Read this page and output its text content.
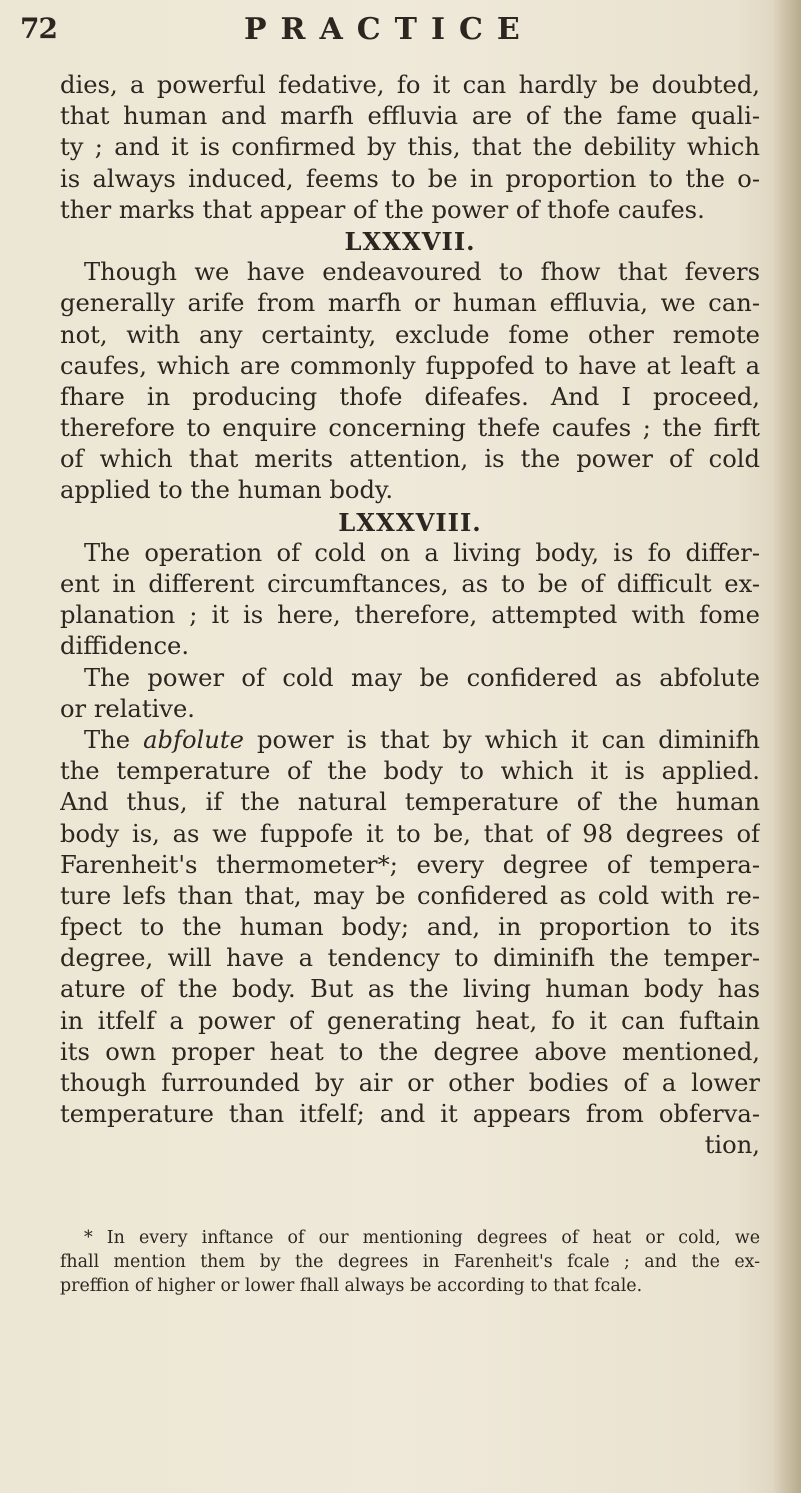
72	PRACTICE
dies, a powerful fedative, fo it can hardly be doubted,
that human and marfh effluvia are of the fame quali-
ty ; and it is confirmed by this, that the debility which
is always induced, feems to be in proportion to the o-
ther marks that appear of the power of thofe caufes.
LXXXVII.
Though we have endeavoured to fhow that fevers
generally arife from marfh or human effluvia, we can-
not, with any certainty, exclude fome other remote
caufes, which are commonly fuppofed to have at leaft a
fhare in producing thofe difeafes. And I proceed,
therefore to enquire concerning thefe caufes ; the firft
of which that merits attention, is the power of cold
applied to the human body.
LXXXVIII.
The operation of cold on a living body, is fo differ-
ent in different circumftances, as to be of difficult ex-
planation ; it is here, therefore, attempted with fome
diffidence.
The power of cold may be confidered as abfolute
or relative.
The abfolute power is that by which it can diminifh
the temperature of the body to which it is applied.
And thus, if the natural temperature of the human
body is, as we fuppofe it to be, that of 98 degrees of
Farenheit's thermometer*; every degree of tempera-
ture lefs than that, may be confidered as cold with re-
fpect to the human body; and, in proportion to its
degree, will have a tendency to diminifh the temper-
ature of the body. But as the living human body has
in itfelf a power of generating heat, fo it can fuftain
its own proper heat to the degree above mentioned,
though furrounded by air or other bodies of a lower
temperature than itfelf; and it appears from obferva-
tion,
* In every inftance of our mentioning degrees of heat or cold, we
fhall mention them by the degrees in Farenheit's fcale ; and the ex-
preffion of higher or lower fhall always be according to that fcale.
